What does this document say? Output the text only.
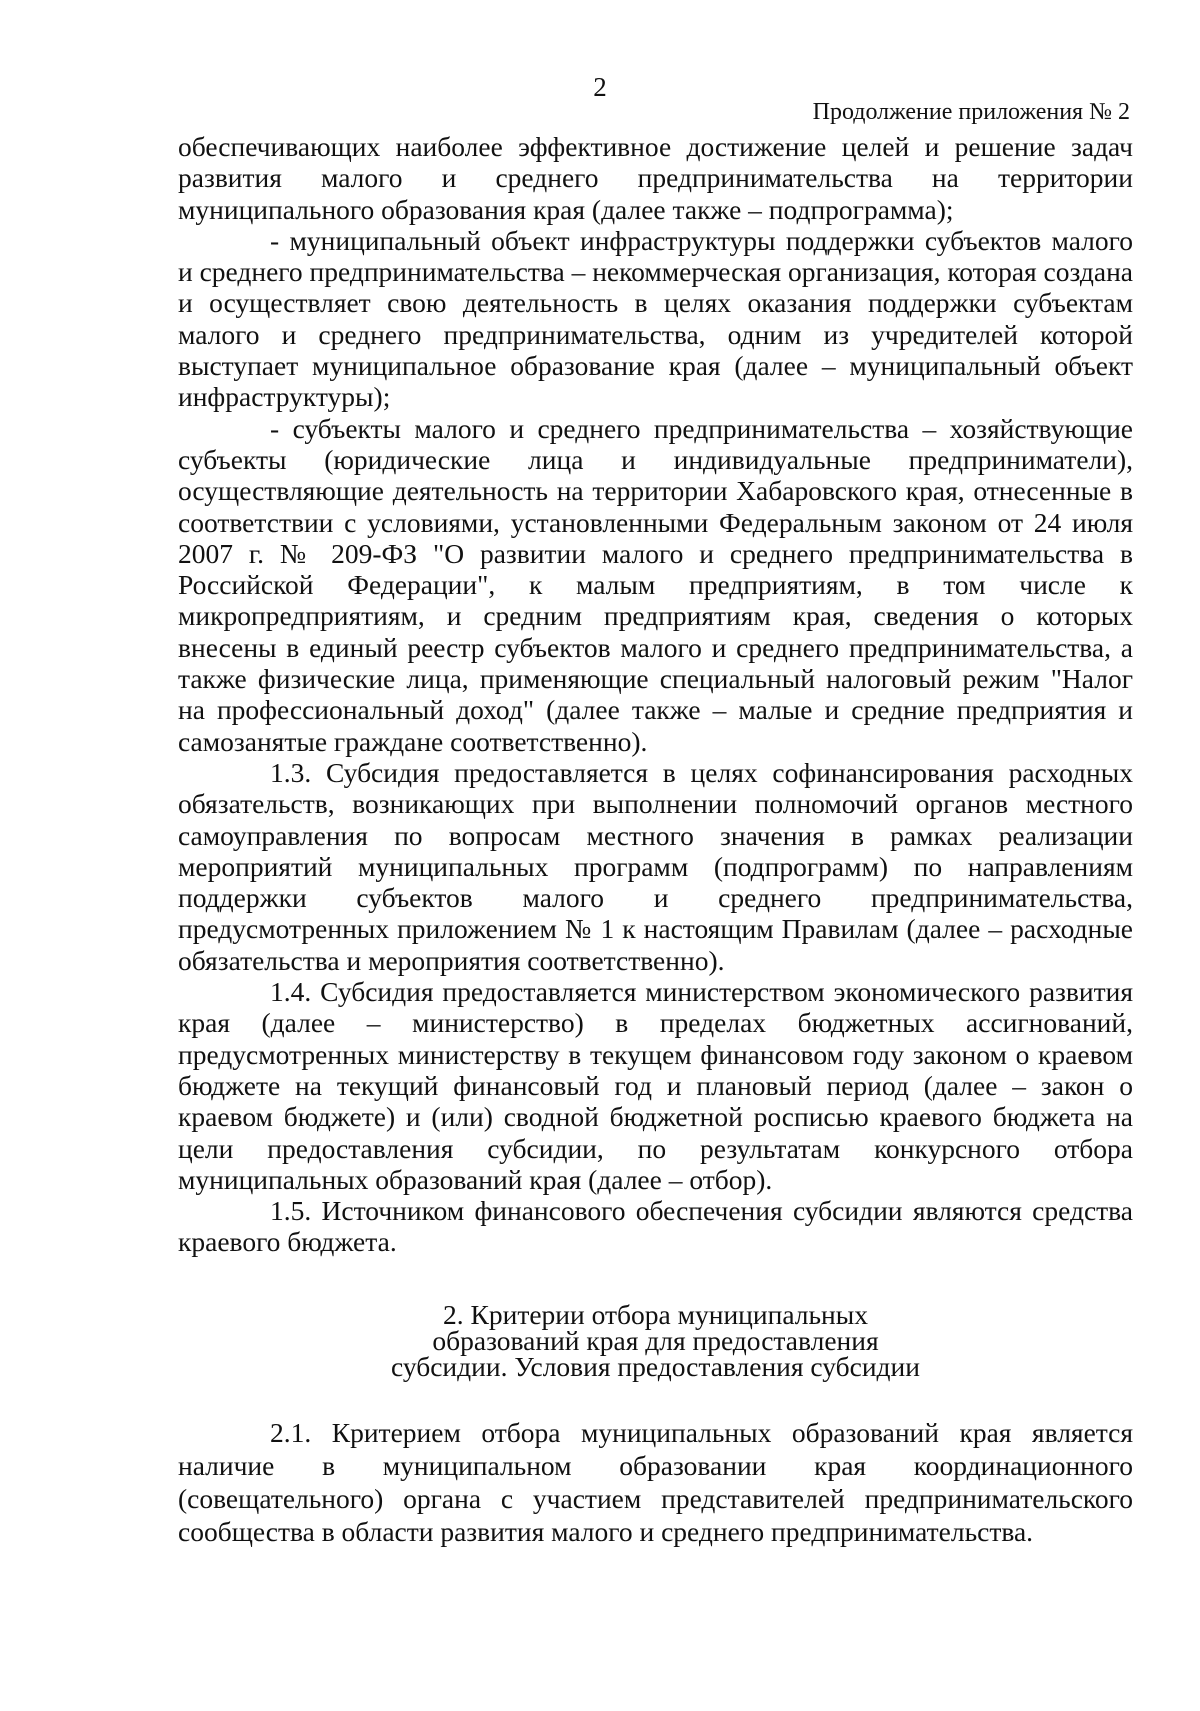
2
Продолжение приложения № 2

обеспечивающих наиболее эффективное достижение целей и решение задач развития малого и среднего предпринимательства на территории муниципального образования края (далее также – подпрограмма);

- муниципальный объект инфраструктуры поддержки субъектов малого и среднего предпринимательства – некоммерческая организация, которая создана и осуществляет свою деятельность в целях оказания поддержки субъектам малого и среднего предпринимательства, одним из учредителей которой выступает муниципальное образование края (далее – муниципальный объект инфраструктуры);

- субъекты малого и среднего предпринимательства – хозяйствующие субъекты (юридические лица и индивидуальные предприниматели), осуществляющие деятельность на территории Хабаровского края, отнесенные в соответствии с условиями, установленными Федеральным законом от 24 июля 2007 г. № 209-ФЗ "О развитии малого и среднего предпринимательства в Российской Федерации", к малым предприятиям, в том числе к микропредприятиям, и средним предприятиям края, сведения о которых внесены в единый реестр субъектов малого и среднего предпринимательства, а также физические лица, применяющие специальный налоговый режим "Налог на профессиональный доход" (далее также – малые и средние предприятия и самозанятые граждане соответственно).

1.3. Субсидия предоставляется в целях софинансирования расходных обязательств, возникающих при выполнении полномочий органов местного самоуправления по вопросам местного значения в рамках реализации мероприятий муниципальных программ (подпрограмм) по направлениям поддержки субъектов малого и среднего предпринимательства, предусмотренных приложением № 1 к настоящим Правилам (далее – расходные обязательства и мероприятия соответственно).

1.4. Субсидия предоставляется министерством экономического развития края (далее – министерство) в пределах бюджетных ассигнований, предусмотренных министерству в текущем финансовом году законом о краевом бюджете на текущий финансовый год и плановый период (далее – закон о краевом бюджете) и (или) сводной бюджетной росписью краевого бюджета на цели предоставления субсидии, по результатам конкурсного отбора муниципальных образований края (далее – отбор).

1.5. Источником финансового обеспечения субсидии являются средства краевого бюджета.

2. Критерии отбора муниципальных
образований края для предоставления
субсидии. Условия предоставления субсидии

2.1. Критерием отбора муниципальных образований края является наличие в муниципальном образовании края координационного (совещательного) органа с участием представителей предпринимательского сообщества в области развития малого и среднего предпринимательства.
